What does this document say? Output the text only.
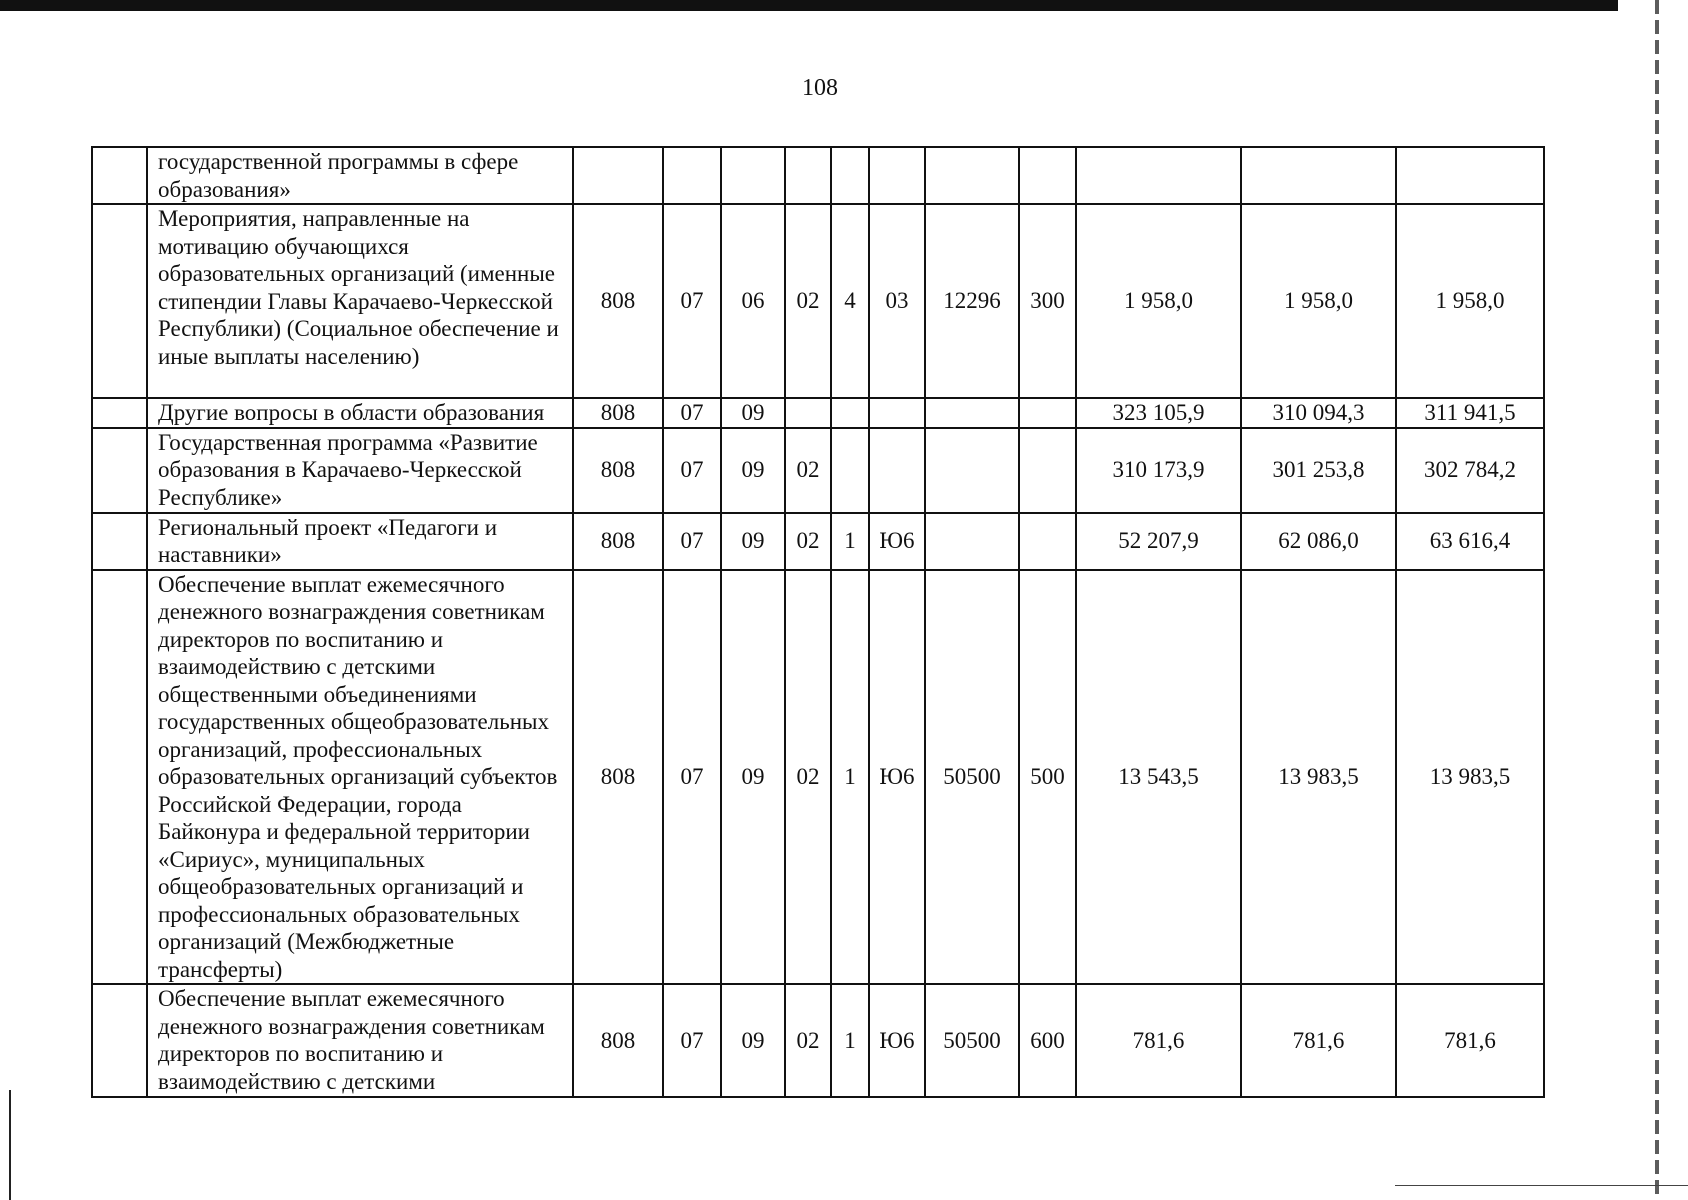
108
	государственной программы в сфере образования»											
	Мероприятия, направленные на мотивацию обучающихся образовательных организаций (именные стипендии Главы Карачаево-Черкесской Республики) (Социальное обеспечение и иные выплаты населению)	808	07	06	02	4	03	12296	300	1 958,0	1 958,0	1 958,0
	Другие вопросы в области образования	808	07	09						323 105,9	310 094,3	311 941,5
	Государственная программа «Развитие образования в Карачаево-Черкесской Республике»	808	07	09	02					310 173,9	301 253,8	302 784,2
	Региональный проект «Педагоги и наставники»	808	07	09	02	1	Ю6			52 207,9	62 086,0	63 616,4
	Обеспечение выплат ежемесячного денежного вознаграждения советникам директоров по воспитанию и взаимодействию с детскими общественными объединениями государственных общеобразовательных организаций, профессиональных образовательных организаций субъектов Российской Федерации, города Байконура и федеральной территории «Сириус», муниципальных общеобразовательных организаций и профессиональных образовательных организаций (Межбюджетные трансферты)	808	07	09	02	1	Ю6	50500	500	13 543,5	13 983,5	13 983,5
	Обеспечение выплат ежемесячного денежного вознаграждения советникам директоров по воспитанию и взаимодействию с детскими	808	07	09	02	1	Ю6	50500	600	781,6	781,6	781,6
